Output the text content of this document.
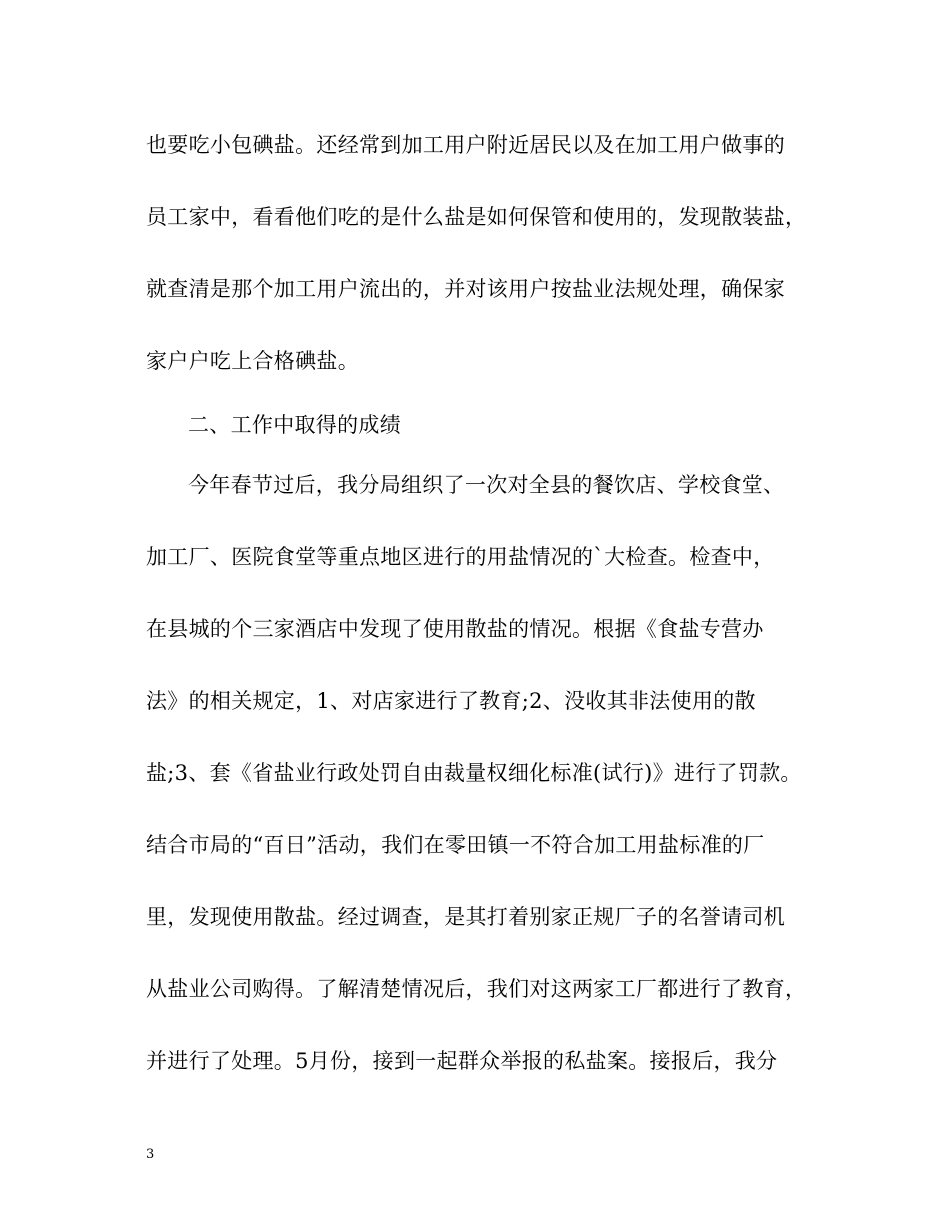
也要吃小包碘盐。还经常到加工用户附近居民以及在加工用户做事的
员工家中，看看他们吃的是什么盐是如何保管和使用的，发现散装盐，
就查清是那个加工用户流出的，并对该用户按盐业法规处理，确保家
家户户吃上合格碘盐。
二、工作中取得的成绩
今年春节过后，我分局组织了一次对全县的餐饮店、学校食堂、
加工厂、医院食堂等重点地区进行的用盐情况的`大检查。检查中，
在县城的个三家酒店中发现了使用散盐的情况。根据《食盐专营办
法》的相关规定，1、对店家进行了教育;2、没收其非法使用的散
盐;3、套《省盐业行政处罚自由裁量权细化标准(试行)》进行了罚款。
结合市局的“百日”活动，我们在零田镇一不符合加工用盐标准的厂
里，发现使用散盐。经过调查，是其打着别家正规厂子的名誉请司机
从盐业公司购得。了解清楚情况后，我们对这两家工厂都进行了教育，
并进行了处理。5月份，接到一起群众举报的私盐案。接报后，我分
3
